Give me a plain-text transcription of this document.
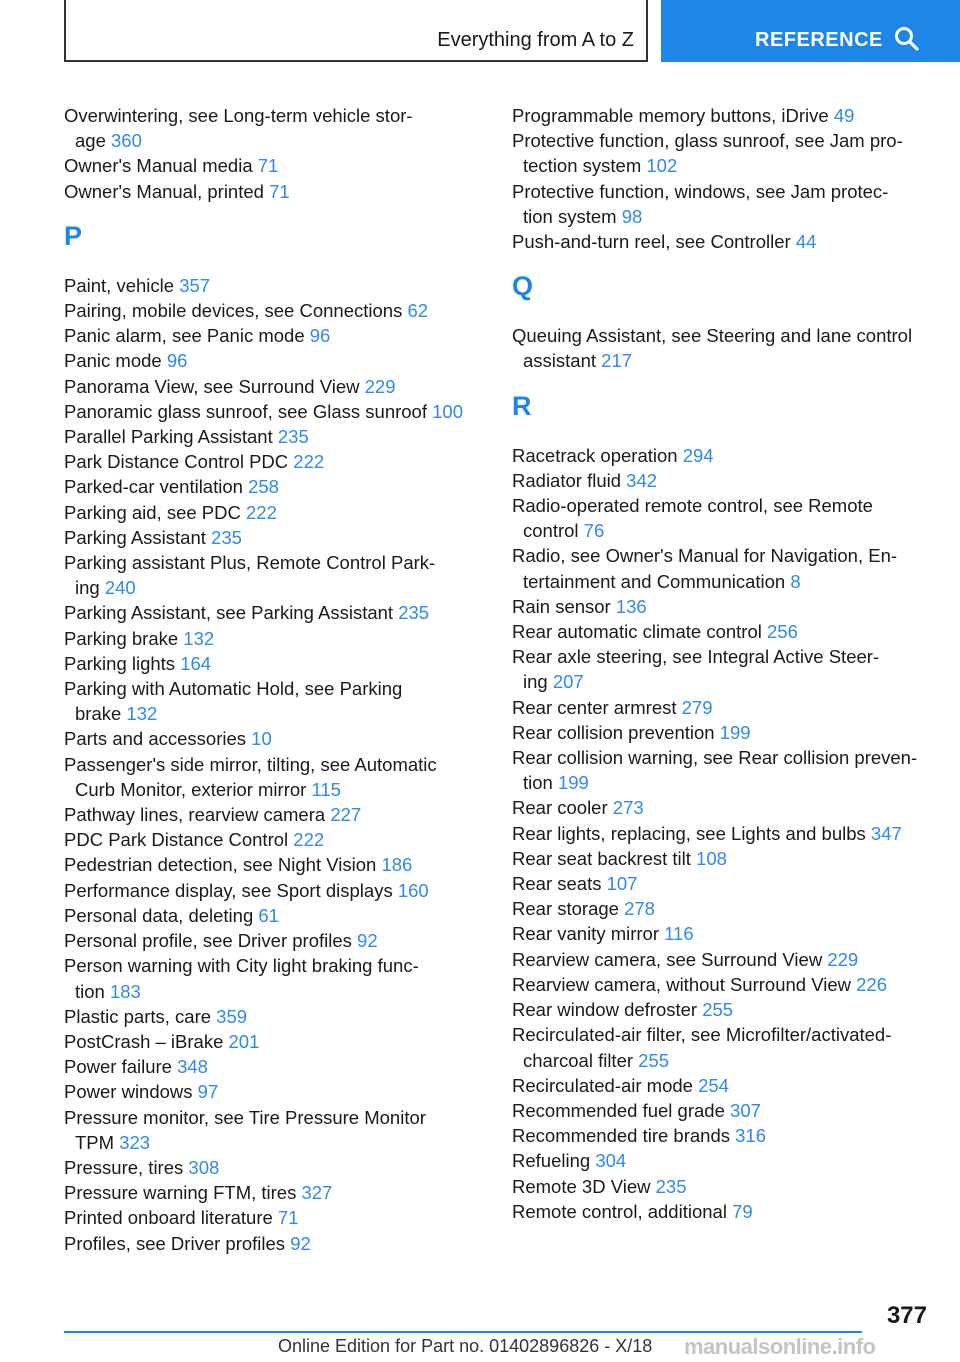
Everything from A to Z	REFERENCE
Overwintering, see Long-term vehicle stor-
age 360
Owner's Manual media 71
Owner's Manual, printed 71
P
Paint, vehicle 357
Pairing, mobile devices, see Connections 62
Panic alarm, see Panic mode 96
Panic mode 96
Panorama View, see Surround View 229
Panoramic glass sunroof, see Glass sunroof 100
Parallel Parking Assistant 235
Park Distance Control PDC 222
Parked-car ventilation 258
Parking aid, see PDC 222
Parking Assistant 235
Parking assistant Plus, Remote Control Park-
ing 240
Parking Assistant, see Parking Assistant 235
Parking brake 132
Parking lights 164
Parking with Automatic Hold, see Parking
brake 132
Parts and accessories 10
Passenger's side mirror, tilting, see Automatic
Curb Monitor, exterior mirror 115
Pathway lines, rearview camera 227
PDC Park Distance Control 222
Pedestrian detection, see Night Vision 186
Performance display, see Sport displays 160
Personal data, deleting 61
Personal profile, see Driver profiles 92
Person warning with City light braking func-
tion 183
Plastic parts, care 359
PostCrash – iBrake 201
Power failure 348
Power windows 97
Pressure monitor, see Tire Pressure Monitor
TPM 323
Pressure, tires 308
Pressure warning FTM, tires 327
Printed onboard literature 71
Profiles, see Driver profiles 92
Programmable memory buttons, iDrive 49
Protective function, glass sunroof, see Jam pro-
tection system 102
Protective function, windows, see Jam protec-
tion system 98
Push-and-turn reel, see Controller 44
Q
Queuing Assistant, see Steering and lane control
assistant 217
R
Racetrack operation 294
Radiator fluid 342
Radio-operated remote control, see Remote
control 76
Radio, see Owner's Manual for Navigation, En-
tertainment and Communication 8
Rain sensor 136
Rear automatic climate control 256
Rear axle steering, see Integral Active Steer-
ing 207
Rear center armrest 279
Rear collision prevention 199
Rear collision warning, see Rear collision preven-
tion 199
Rear cooler 273
Rear lights, replacing, see Lights and bulbs 347
Rear seat backrest tilt 108
Rear seats 107
Rear storage 278
Rear vanity mirror 116
Rearview camera, see Surround View 229
Rearview camera, without Surround View 226
Rear window defroster 255
Recirculated-air filter, see Microfilter/activated-
charcoal filter 255
Recirculated-air mode 254
Recommended fuel grade 307
Recommended tire brands 316
Refueling 304
Remote 3D View 235
Remote control, additional 79
377
Online Edition for Part no. 01402896826 - X/18 manualsonline.info
